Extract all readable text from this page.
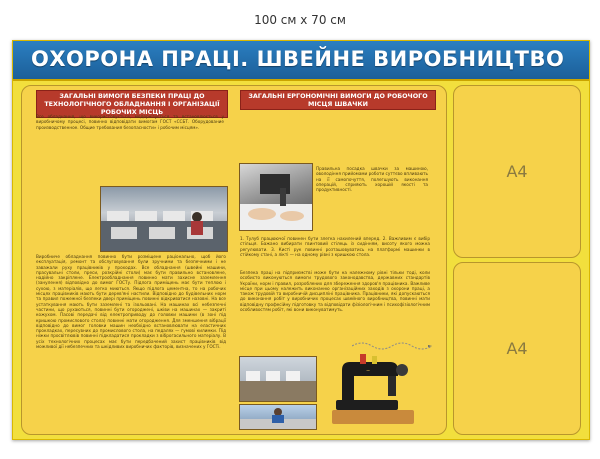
100 см х 70 см
ОХОРОНА ПРАЦІ. ШВЕЙНЕ ВИРОБНИЦТВО
ЗАГАЛЬНІ ВИМОГИ БЕЗПЕКИ ПРАЦІ ДО ТЕХНОЛОГІЧНОГО ОБЛАДНАННЯ І ОРГАНІЗАЦІЇ РОБОЧИХ МІСЦЬ
Все обладнання, що використовується, модернізується та встановлюється у виробничому процесі, повинно відповідати вимогам ГОСТ «ССБТ. Оборудование производственное. Общие требования безопасности» і робочим місцям».
Виробниче обладнання повинно бути розміщене раціонально, щоб його експлуатація, ремонт та обслуговування були зручними та безпечними і не заважали руху працівників у проходах. Все обладнання (швейні машини, прасувальні столи, преси, розкрійні столи) має бути правильно встановлене, надійно закріплене. Електрообладнання повинно мати захисне заземлення (занулення) відповідно до вимог ГОСТу. Підлога приміщень має бути теплою і сухою, з матеріалів, що легко миються. Якщо підлога цементна, то на робочих місцях працівників мають бути дерев'яні настили. Відповідно до будівельних норм та правил пожежної безпеки двері приміщень повинні відкриватися назовні. На все устаткування мають бути заземлені та ізольовані. На машинах всі небезпечні частини, що рухаються, повинні бути огороджені, шківи на машинах — закриті кожухом. Пасові передачі від електроприводу до головки машини (в зоні під кришкою промислового стола) повинні мати огородження. Для зменшення вібрації відповідно до вимог головки машин необхідно встановлювати на еластичних прокладках, пересувних до промислового стола, на педалях — гумові килимки. Під ніжки просвітлювів повинні підкладатися прокладки з віброгасильного матеріалу. В усіх технологічних процесах має бути передбачений захист працівників від можливої дії небезпечних та шкідливих виробничих факторів, визначених у ГОСТі.
ЗАГАЛЬНІ ЕРГОНОМІЧНІ ВИМОГИ ДО РОБОЧОГО МІСЦЯ ШВАЧКИ
Правильна посадка швачки за машиною, оволодіння прийомами роботи суттєво впливають на її самопочуття, полегшують виконання операцій, сприяють хорошій якості та продуктивності.
1. Тулуб працюючої повинен бути злегка нахилений вперед. 2. Важливим є вибір стільця. Бажано вибирати гвинтовий стілець із сидінням, висоту якого можна регулювати. 3. Кисті рук повинні розташовуватись на платформі машинки в стійкому стані, а лікті — на одному рівні з кришкою стола.
Безпека праці на підприємстві може бути на належному рівні тільки тоді, коли особисто виконуються вимоги трудового законодавства, державних стандартів України, норм і правил, розроблених для збереження здоров'я працівника. Важливе місце при цьому належить виконанню організаційних заходів з охорони праці, а також трудовій та виробничій дисципліні працівника. Працівники, які допускаються до виконання робіт у виробничих процесах швейного виробництва, повинні мати відповідну професійну підготовку та відповідати фізіологічним і психофізіологічним особливостям робіт, які вони виконуватимуть.
~
A4
A4
